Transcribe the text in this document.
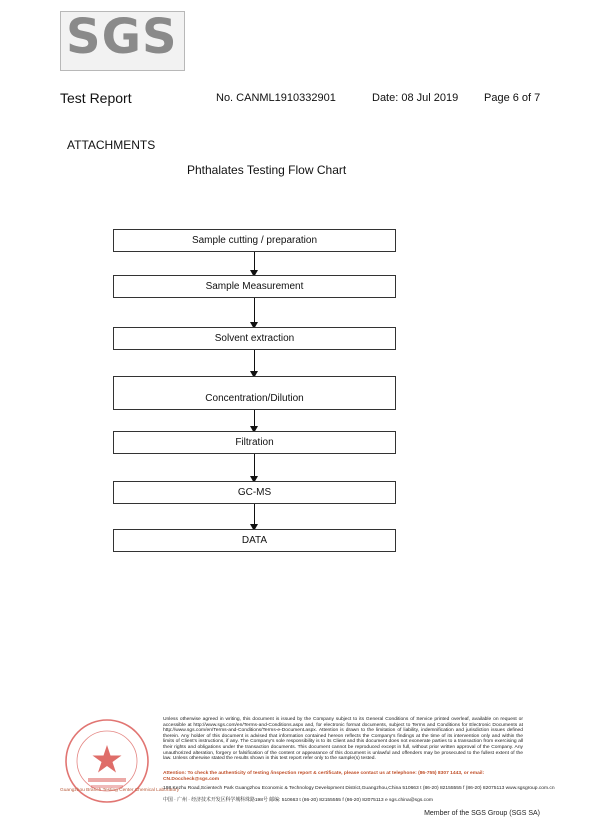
SGS
Test Report	No. CANML1910332901	Date: 08 Jul 2019 Page 6 of 7
ATTACHMENTS
Phthalates Testing Flow Chart
Sample cutting / preparation
Sample Measurement
Solvent extraction
Concentration/Dilution
Filtration
GC-MS
DATA
Guangzhou Branch Testing Center Chemical Laboratory
Unless otherwise agreed in writing, this document is issued by the Company subject to its General Conditions of Service printed overleaf, available on request or accessible at http://www.sgs.com/en/Terms-and-Conditions.aspx and, for electronic format documents, subject to Terms and Conditions for Electronic Documents at http://www.sgs.com/en/Terms-and-Conditions/Terms-e-Document.aspx. Attention is drawn to the limitation of liability, indemnification and jurisdiction issues defined therein. Any holder of this document is advised that information contained hereon reflects the Company's findings at the time of its intervention only and within the limits of Client's instructions, if any. The Company's sole responsibility is to its Client and this document does not exonerate parties to a transaction from exercising all their rights and obligations under the transaction documents. This document cannot be reproduced except in full, without prior written approval of the Company. Any unauthorized alteration, forgery or falsification of the content or appearance of this document is unlawful and offenders may be prosecuted to the fullest extent of the law. Unless otherwise stated the results shown in this test report refer only to the sample(s) tested.
Attention: To check the authenticity of testing /inspection report & certificate, please contact us at telephone: (86-755) 8307 1443, or email: CN.Doccheck@sgs.com
198 Kezhu Road,Scientech Park Guangzhou Economic & Technology Development District,Guangzhou,China 510663 t (86-20) 82155555 f (86-20) 82075113 www.sgsgroup.com.cn
中国 · 广州 · 经济技术开发区科学城科珠路198号 邮编: 510663 t (86-20) 82155555 f (86-20) 82075113 e sgs.china@sgs.com
Member of the SGS Group (SGS SA)
